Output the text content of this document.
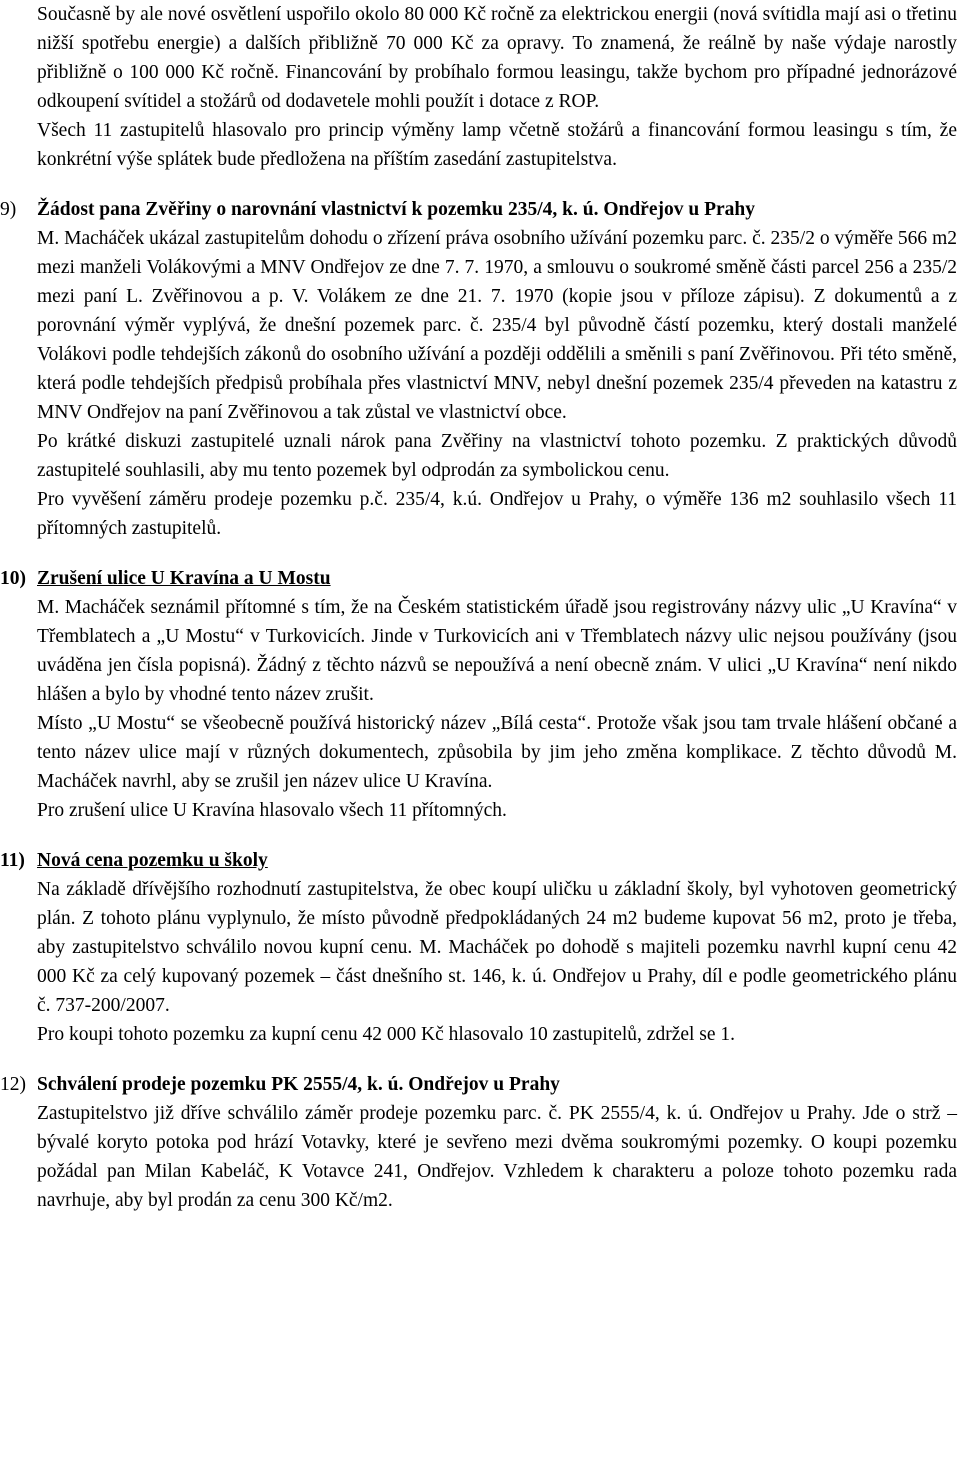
Současně by ale nové osvětlení uspořilo okolo 80 000 Kč ročně za elektrickou energii (nová svítidla mají asi o třetinu nižší spotřebu energie) a dalších přibližně 70 000 Kč za opravy. To znamená, že reálně by naše výdaje narostly přibližně o 100 000 Kč ročně. Financování by probíhalo formou leasingu, takže bychom pro případné jednorázové odkoupení svítidel a stožárů od dodavetele mohli použít i dotace z ROP.

Všech 11 zastupitelů hlasovalo pro princip výměny lamp včetně stožárů a financování formou leasingu s tím, že konkrétní výše splátek bude předložena na příštím zasedání zastupitelstva.

9)	Žádost pana Zvěřiny o narovnání vlastnictví k pozemku 235/4, k. ú. Ondřejov u Prahy

M. Macháček ukázal zastupitelům dohodu o zřízení práva osobního užívání pozemku parc. č. 235/2 o výměře 566 m2 mezi manželi Volákovými a MNV Ondřejov ze dne 7. 7. 1970, a smlouvu o soukromé směně části parcel 256 a 235/2 mezi paní L. Zvěřinovou a p. V. Volákem ze dne 21. 7. 1970 (kopie jsou v příloze zápisu). Z dokumentů a z porovnání výměr vyplývá, že dnešní pozemek parc. č. 235/4 byl původně částí pozemku, který dostali manželé Volákovi podle tehdejších zákonů do osobního užívání a později oddělili a směnili s paní Zvěřinovou. Při této směně, která podle tehdejších předpisů probíhala přes vlastnictví MNV, nebyl dnešní pozemek 235/4 převeden na katastru z MNV Ondřejov na paní Zvěřinovou a tak zůstal ve vlastnictví obce.

Po krátké diskuzi zastupitelé uznali nárok pana Zvěřiny na vlastnictví tohoto pozemku. Z praktických důvodů zastupitelé souhlasili, aby mu tento pozemek byl odprodán za symbolickou cenu.

Pro vyvěšení záměru prodeje pozemku p.č. 235/4, k.ú. Ondřejov u Prahy, o výměře 136 m2 souhlasilo všech 11 přítomných zastupitelů.

10) Zrušení ulice U Kravína a U Mostu

M. Macháček seznámil přítomné s tím, že na Českém statistickém úřadě jsou registrovány názvy ulic „U Kravína“ v Třemblatech a „U Mostu“ v Turkovicích. Jinde v Turkovicích ani v Třemblatech názvy ulic nejsou používány (jsou uváděna jen čísla popisná). Žádný z těchto názvů se nepoužívá a není obecně znám. V ulici „U Kravína“ není nikdo hlášen a bylo by vhodné tento název zrušit.

Místo „U Mostu“ se všeobecně používá historický název „Bílá cesta“. Protože však jsou tam trvale hlášení občané a tento název ulice mají v různých dokumentech, způsobila by jim jeho změna komplikace. Z těchto důvodů M. Macháček navrhl, aby se zrušil jen název ulice U Kravína.

Pro zrušení ulice U Kravína hlasovalo všech 11 přítomných.

11) Nová cena pozemku u školy

Na základě dřívějšího rozhodnutí zastupitelstva, že obec koupí uličku u základní školy, byl vyhotoven geometrický plán. Z tohoto plánu vyplynulo, že místo původně předpokládaných 24 m2 budeme kupovat 56 m2, proto je třeba, aby zastupitelstvo schválilo novou kupní cenu. M. Macháček po dohodě s majiteli pozemku navrhl kupní cenu 42 000 Kč za celý kupovaný pozemek – část dnešního st. 146, k. ú. Ondřejov u Prahy, díl e podle geometrického plánu č. 737-200/2007.

Pro koupi tohoto pozemku za kupní cenu 42 000 Kč hlasovalo 10 zastupitelů, zdržel se 1.

12) Schválení prodeje pozemku PK 2555/4, k. ú. Ondřejov u Prahy

Zastupitelstvo již dříve schválilo záměr prodeje pozemku parc. č. PK 2555/4, k. ú. Ondřejov u Prahy. Jde o strž – bývalé koryto potoka pod hrází Votavky, které je sevřeno mezi dvěma soukromými pozemky. O koupi pozemku požádal pan Milan Kabeláč, K Votavce 241, Ondřejov. Vzhledem k charakteru a poloze tohoto pozemku rada navrhuje, aby byl prodán za cenu 300 Kč/m2.
